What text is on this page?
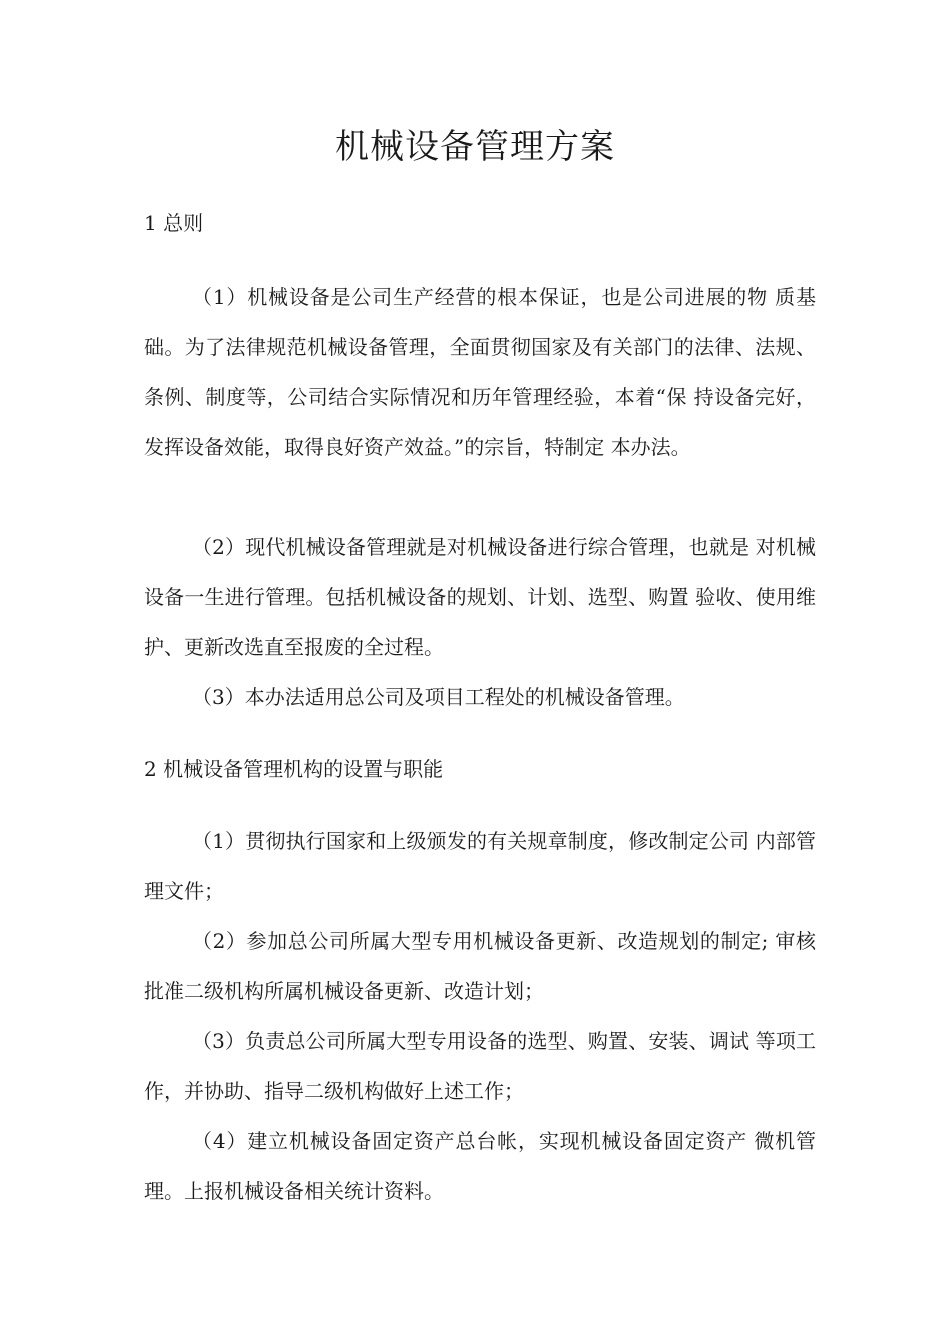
机械设备管理方案
1 总则

（1）机械设备是公司生产经营的根本保证，也是公司进展的物 质基础。为了法律规范机械设备管理，全面贯彻国家及有关部门的法律、法规、条例、制度等，公司结合实际情况和历年管理经验，本着“保 持设备完好，发挥设备效能，取得良好资产效益。”的宗旨，特制定 本办法。

（2）现代机械设备管理就是对机械设备进行综合管理，也就是 对机械设备一生进行管理。包括机械设备的规划、计划、选型、购置 验收、使用维护、更新改选直至报废的全过程。

（3）本办法适用总公司及项目工程处的机械设备管理。

2 机械设备管理机构的设置与职能

（1）贯彻执行国家和上级颁发的有关规章制度，修改制定公司 内部管理文件；

（2）参加总公司所属大型专用机械设备更新、改造规划的制定; 审核批准二级机构所属机械设备更新、改造计划；

（3）负责总公司所属大型专用设备的选型、购置、安装、调试 等项工作，并协助、指导二级机构做好上述工作；

（4）建立机械设备固定资产总台帐，实现机械设备固定资产 微机管理。上报机械设备相关统计资料。
